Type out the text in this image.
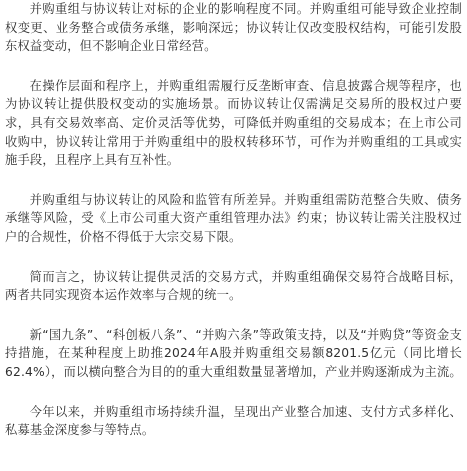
并购重组与协议转让对标的企业的影响程度不同。并购重组可能导致企业控制权变更、业务整合或债务承继，影响深远；协议转让仅改变股权结构，可能引发股东权益变动，但不影响企业日常经营。

在操作层面和程序上，并购重组需履行反垄断审查、信息披露合规等程序，也为协议转让提供股权变动的实施场景。而协议转让仅需满足交易所的股权过户要求，具有交易效率高、定价灵活等优势，可降低并购重组的交易成本；在上市公司收购中，协议转让常用于并购重组中的股权转移环节，可作为并购重组的工具或实施手段，且程序上具有互补性。

并购重组与协议转让的风险和监管有所差异。并购重组需防范整合失败、债务承继等风险，受《上市公司重大资产重组管理办法》约束；协议转让需关注股权过户的合规性，价格不得低于大宗交易下限。

简而言之，协议转让提供灵活的交易方式，并购重组确保交易符合战略目标，两者共同实现资本运作效率与合规的统一。

新“国九条”、“科创板八条”、“并购六条”等政策支持，以及“并购贷”等资金支持措施，在某种程度上助推2024年A股并购重组交易额8201.5亿元（同比增长62.4%），而以横向整合为目的的重大重组数量显著增加，产业并购逐渐成为主流。

今年以来，并购重组市场持续升温，呈现出产业整合加速、支付方式多样化、私募基金深度参与等特点。
